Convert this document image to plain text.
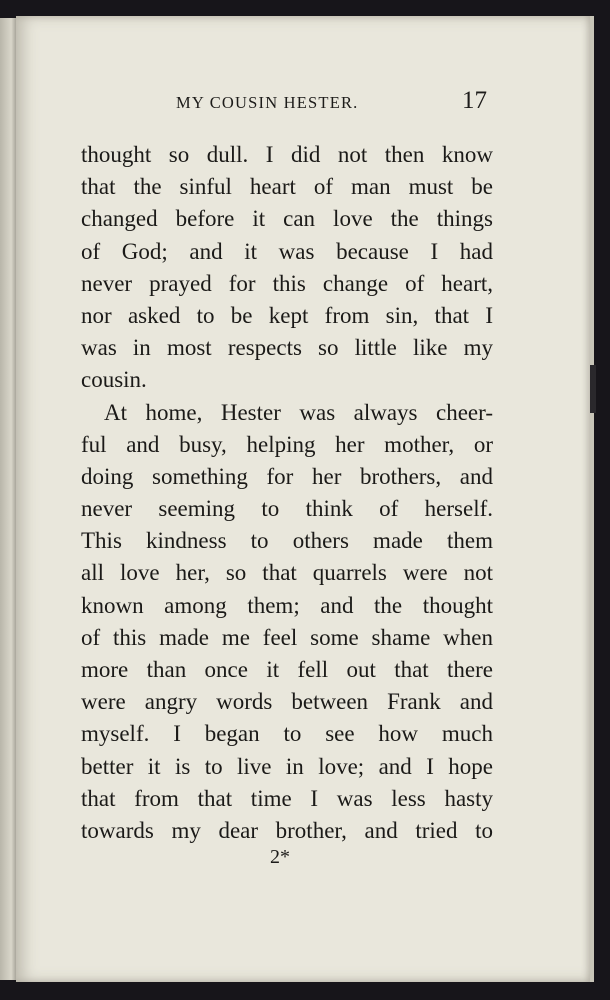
MY COUSIN HESTER.	17
thought so dull. I did not then know
that the sinful heart of man must be
changed before it can love the things
of God; and it was because I had
never prayed for this change of heart,
nor asked to be kept from sin, that I
was in most respects so little like my
cousin.
At home, Hester was always cheer-
ful and busy, helping her mother, or
doing something for her brothers, and
never seeming to think of herself.
This kindness to others made them
all love her, so that quarrels were not
known among them; and the thought
of this made me feel some shame when
more than once it fell out that there
were angry words between Frank and
myself. I began to see how much
better it is to live in love; and I hope
that from that time I was less hasty
towards my dear brother, and tried to
2*
